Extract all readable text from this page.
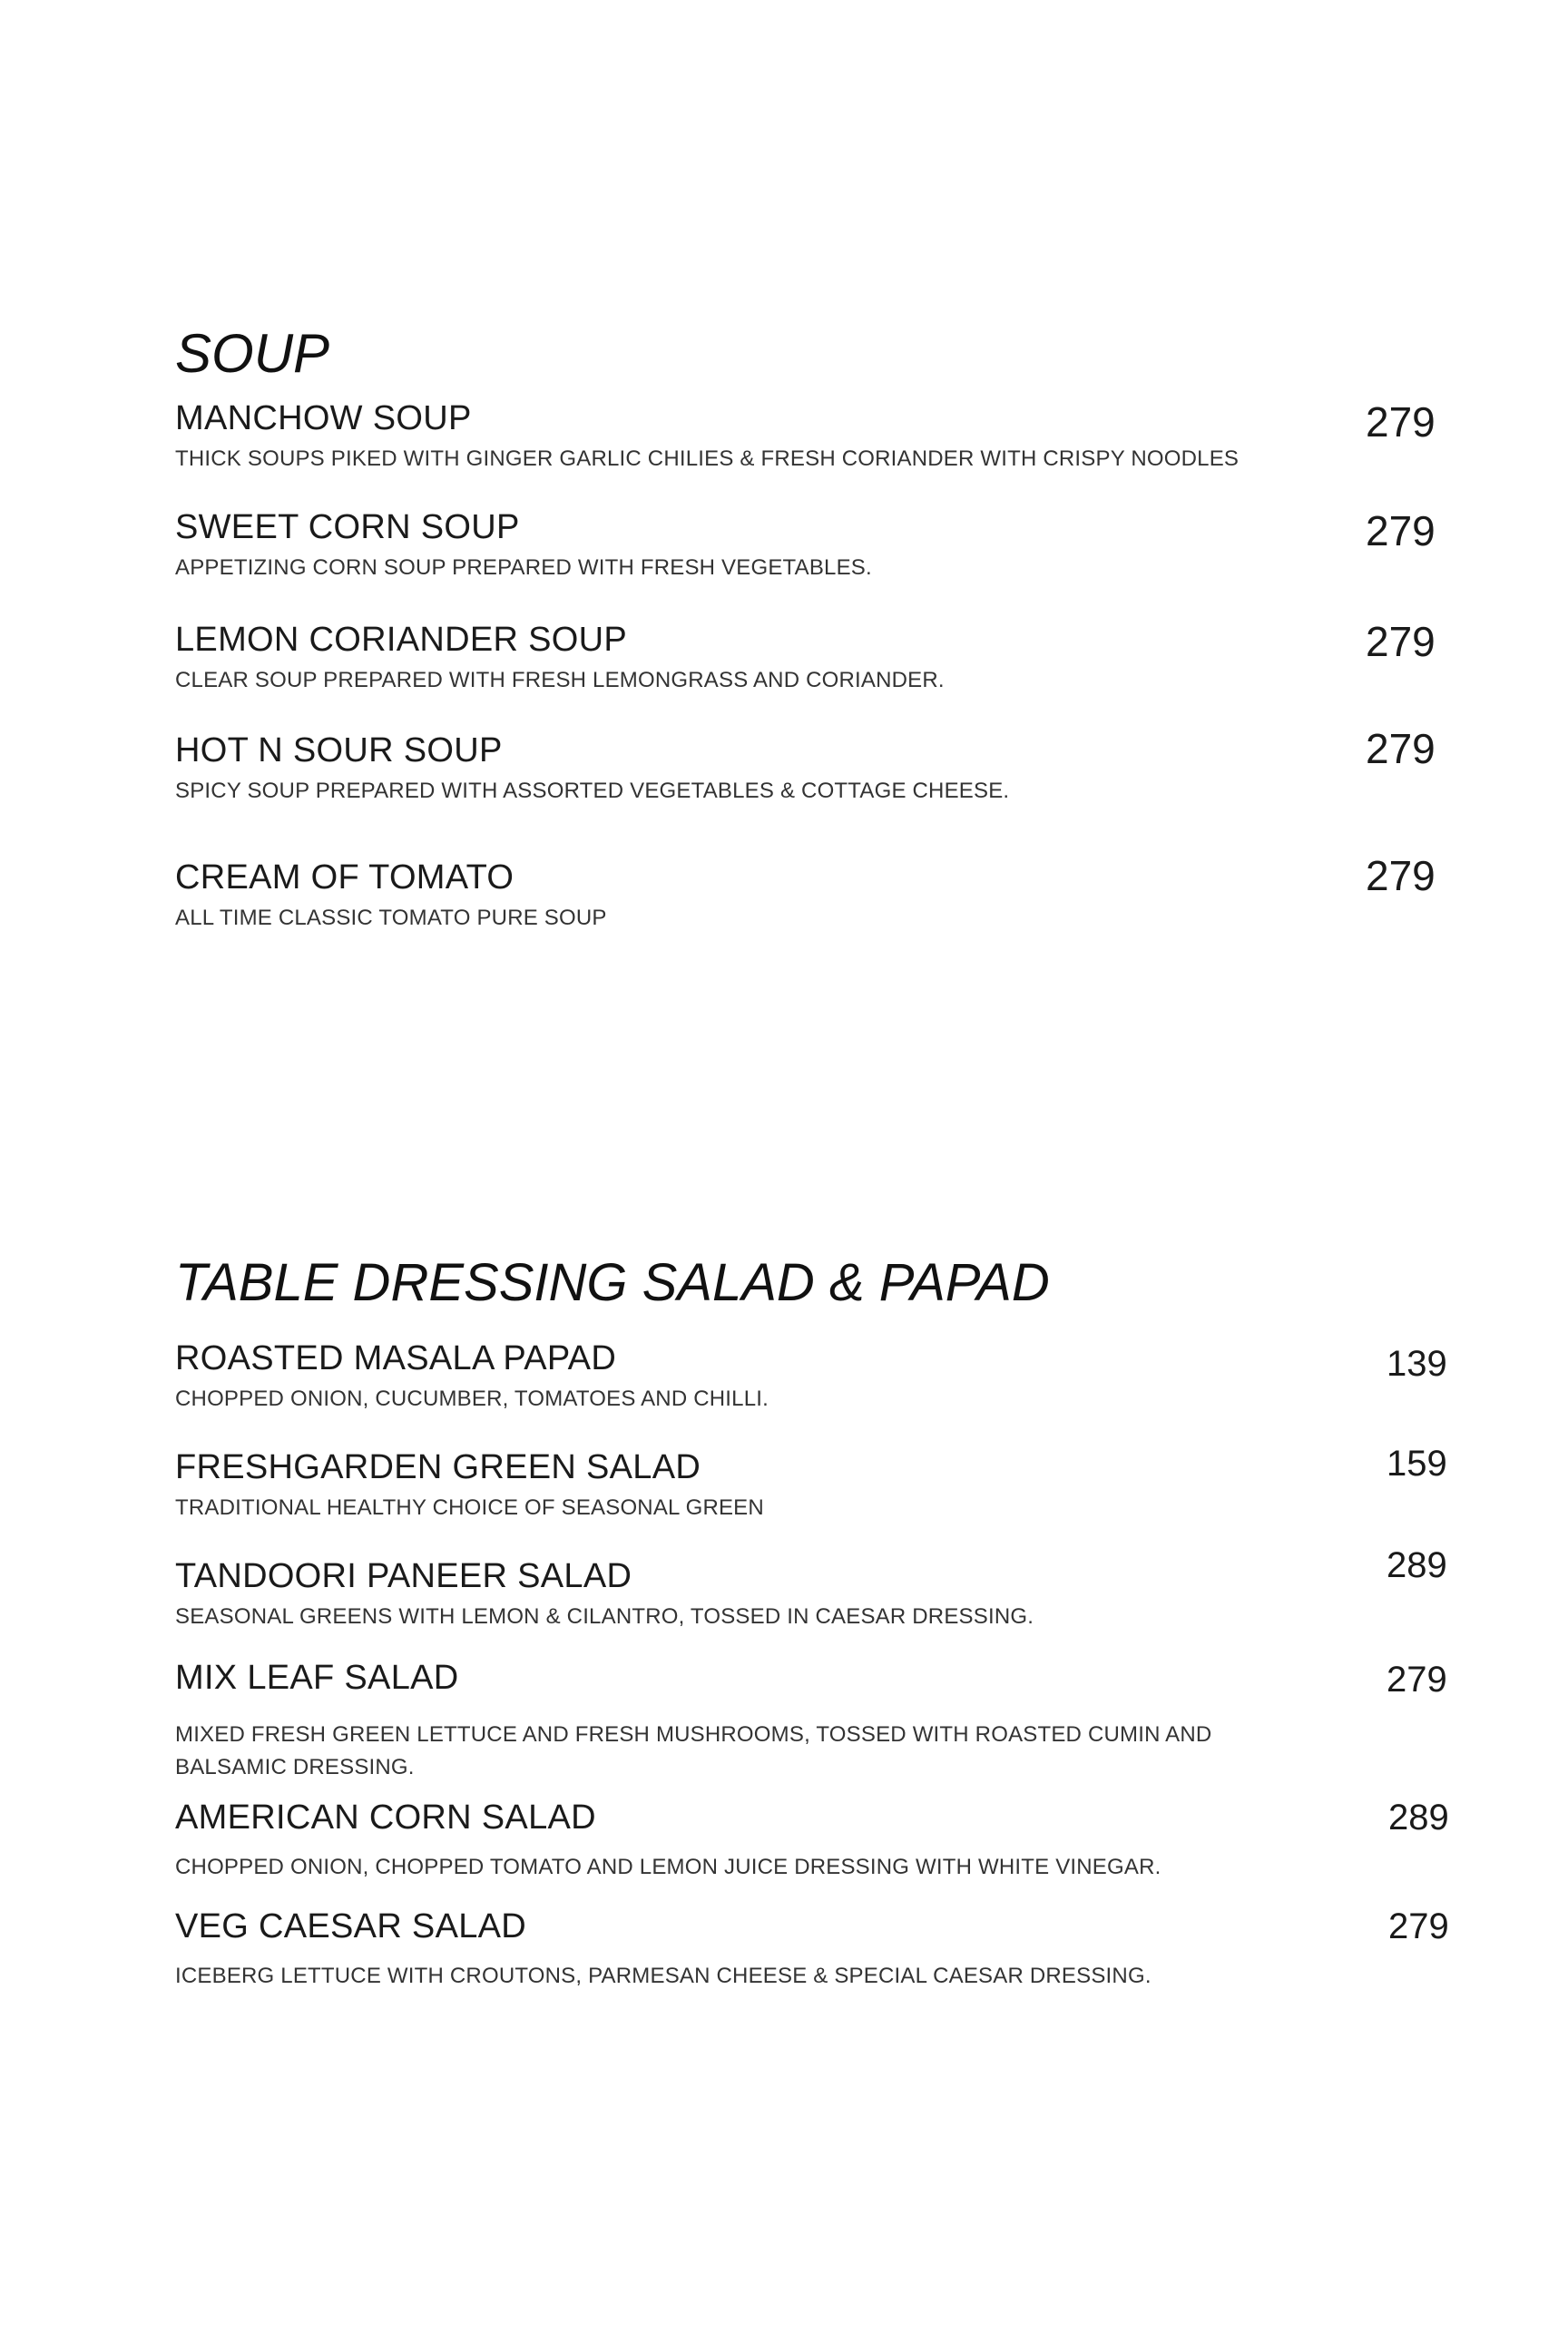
SOUP
MANCHOW SOUP
THICK SOUPS PIKED WITH GINGER GARLIC CHILIES & FRESH CORIANDER WITH CRISPY NOODLES
279
SWEET CORN SOUP
APPETIZING CORN SOUP PREPARED WITH FRESH VEGETABLES.
279
LEMON CORIANDER SOUP
CLEAR SOUP PREPARED WITH FRESH LEMONGRASS AND CORIANDER.
279
HOT N SOUR SOUP
SPICY SOUP PREPARED WITH ASSORTED VEGETABLES & COTTAGE CHEESE.
279
CREAM OF TOMATO
ALL TIME CLASSIC TOMATO PURE SOUP
279
TABLE DRESSING SALAD & PAPAD
ROASTED MASALA PAPAD
CHOPPED ONION, CUCUMBER, TOMATOES AND CHILLI.
139
FRESHGARDEN GREEN SALAD
TRADITIONAL HEALTHY CHOICE OF SEASONAL GREEN
159
TANDOORI PANEER SALAD
SEASONAL GREENS WITH LEMON & CILANTRO, TOSSED IN CAESAR DRESSING.
289
MIX LEAF SALAD
MIXED FRESH GREEN LETTUCE AND FRESH MUSHROOMS, TOSSED WITH ROASTED CUMIN AND BALSAMIC DRESSING.
279
AMERICAN CORN SALAD
CHOPPED ONION, CHOPPED TOMATO AND LEMON JUICE DRESSING WITH WHITE VINEGAR.
289
VEG CAESAR SALAD
ICEBERG LETTUCE WITH CROUTONS, PARMESAN CHEESE & SPECIAL CAESAR DRESSING.
279
